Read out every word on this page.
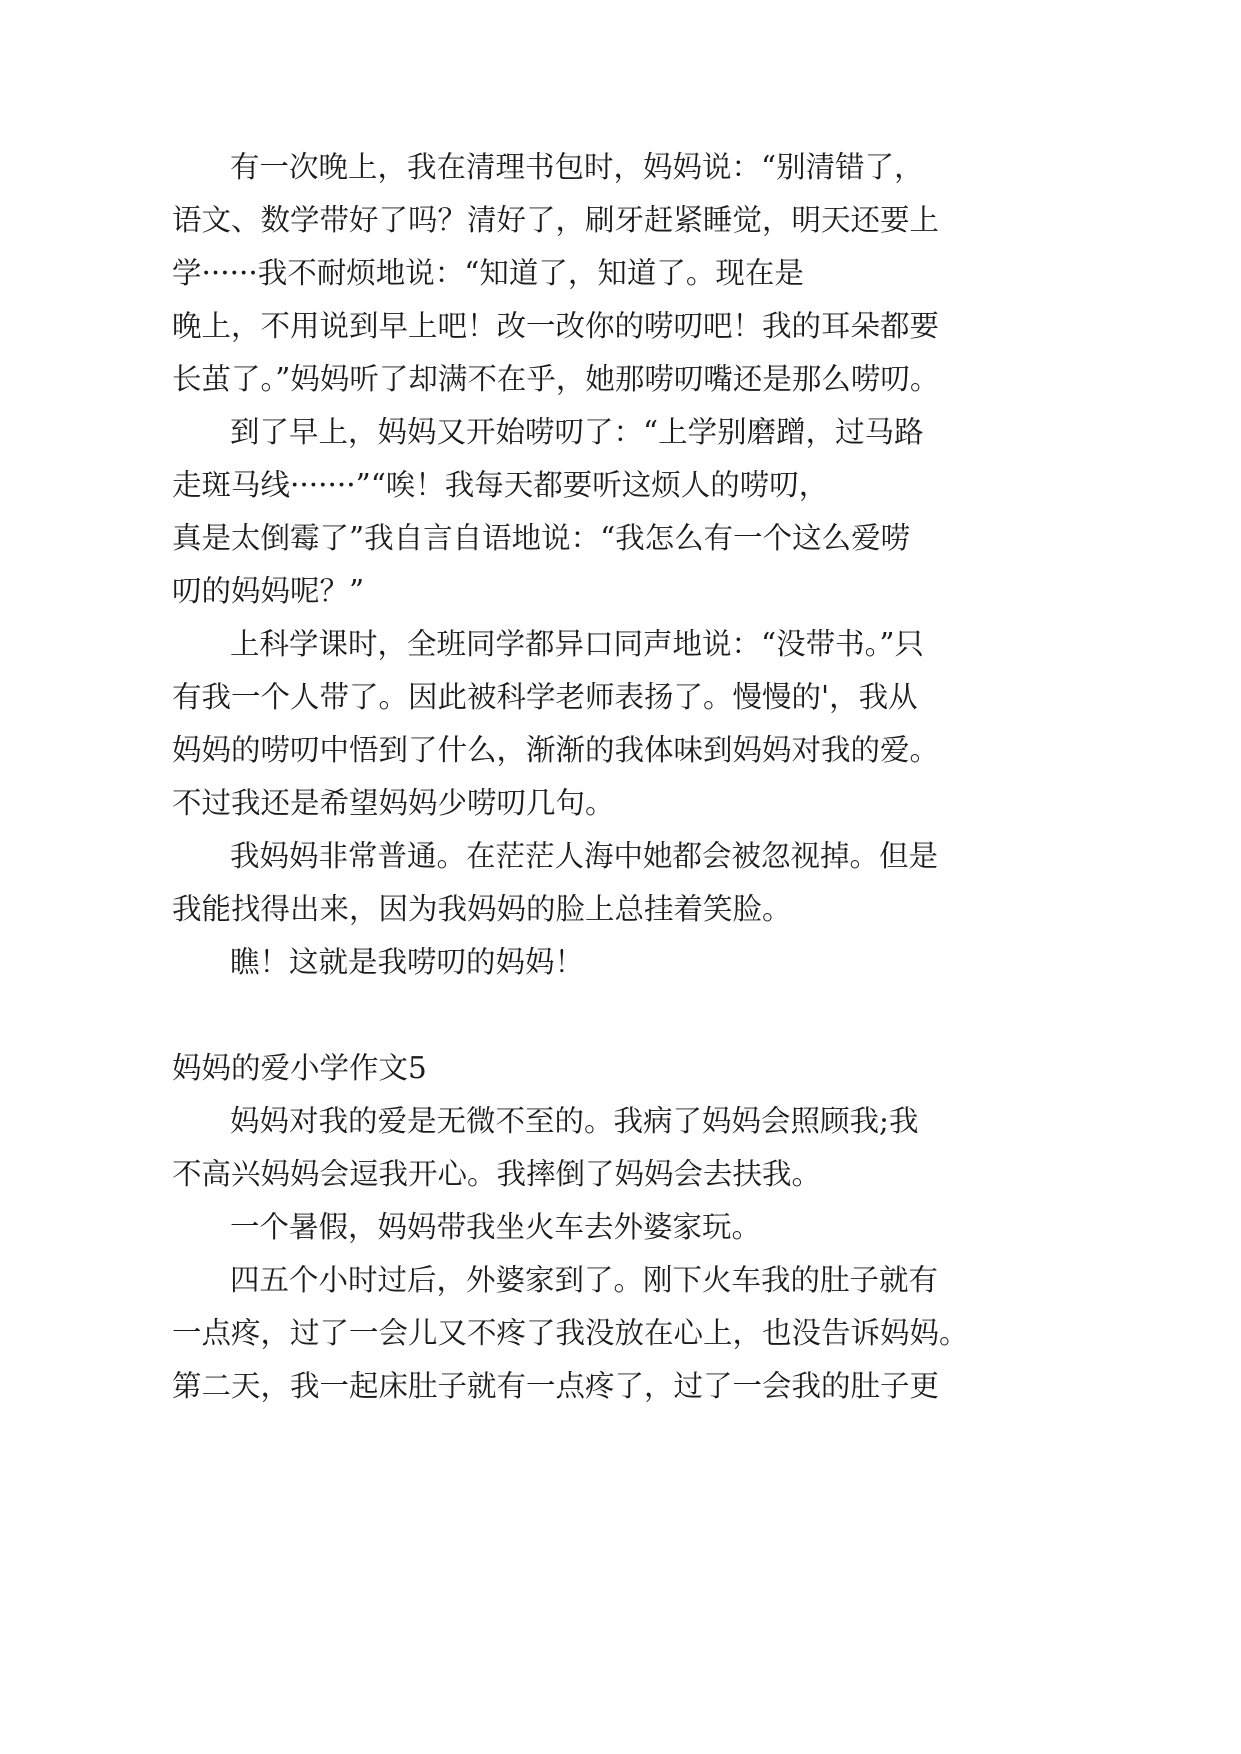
有一次晚上，我在清理书包时，妈妈说：“别清错了，
语文、数学带好了吗？清好了，刷牙赶紧睡觉，明天还要上
学······我不耐烦地说：“知道了，知道了。现在是
晚上，不用说到早上吧！改一改你的唠叨吧！我的耳朵都要
长茧了。”妈妈听了却满不在乎，她那唠叨嘴还是那么唠叨。
到了早上，妈妈又开始唠叨了：“上学别磨蹭，过马路
走斑马线·······”“唉！我每天都要听这烦人的唠叨，
真是太倒霉了”我自言自语地说：“我怎么有一个这么爱唠
叨的妈妈呢？”
上科学课时，全班同学都异口同声地说：“没带书。”只
有我一个人带了。因此被科学老师表扬了。慢慢的'，我从
妈妈的唠叨中悟到了什么，渐渐的我体味到妈妈对我的爱。
不过我还是希望妈妈少唠叨几句。
我妈妈非常普通。在茫茫人海中她都会被忽视掉。但是
我能找得出来，因为我妈妈的脸上总挂着笑脸。
瞧！这就是我唠叨的妈妈！
妈妈的爱小学作文5
妈妈对我的爱是无微不至的。我病了妈妈会照顾我;我
不高兴妈妈会逗我开心。我摔倒了妈妈会去扶我。
一个暑假，妈妈带我坐火车去外婆家玩。
四五个小时过后，外婆家到了。刚下火车我的肚子就有
一点疼，过了一会儿又不疼了我没放在心上，也没告诉妈妈。
第二天，我一起床肚子就有一点疼了，过了一会我的肚子更
